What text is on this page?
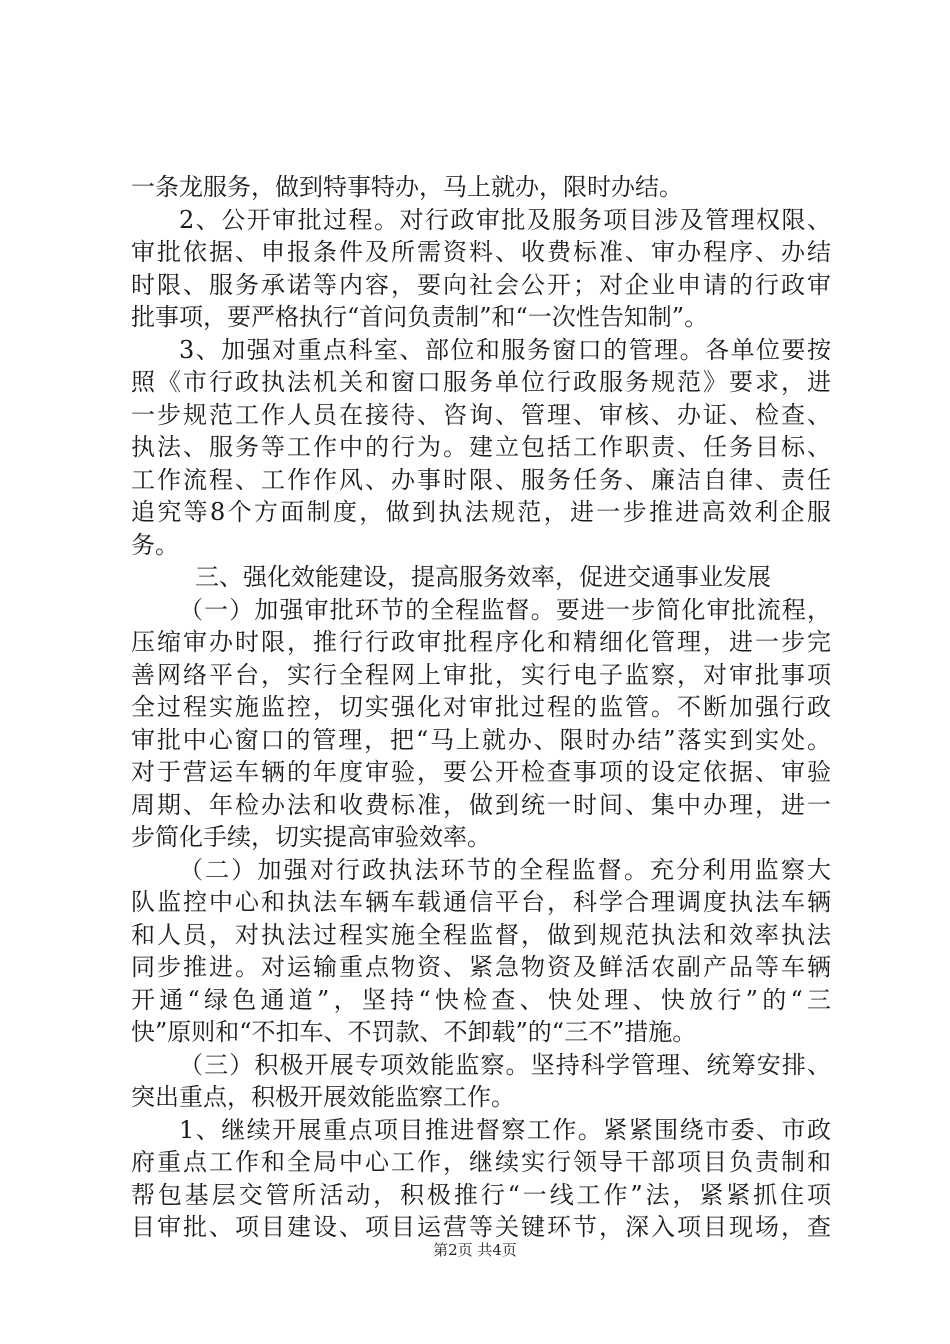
一条龙服务，做到特事特办，马上就办，限时办结。
2、公开审批过程。对行政审批及服务项目涉及管理权限、
审批依据、申报条件及所需资料、收费标准、审办程序、办结
时限、服务承诺等内容，要向社会公开；对企业申请的行政审
批事项，要严格执行“首问负责制”和“一次性告知制”。
3、加强对重点科室、部位和服务窗口的管理。各单位要按
照《市行政执法机关和窗口服务单位行政服务规范》要求，进
一步规范工作人员在接待、咨询、管理、审核、办证、检查、
执法、服务等工作中的行为。建立包括工作职责、任务目标、
工作流程、工作作风、办事时限、服务任务、廉洁自律、责任
追究等8个方面制度，做到执法规范，进一步推进高效利企服
务。
三、强化效能建设，提高服务效率，促进交通事业发展
（一）加强审批环节的全程监督。要进一步简化审批流程，
压缩审办时限，推行行政审批程序化和精细化管理，进一步完
善网络平台，实行全程网上审批，实行电子监察，对审批事项
全过程实施监控，切实强化对审批过程的监管。不断加强行政
审批中心窗口的管理，把“马上就办、限时办结”落实到实处。
对于营运车辆的年度审验，要公开检查事项的设定依据、审验
周期、年检办法和收费标准，做到统一时间、集中办理，进一
步简化手续，切实提高审验效率。
（二）加强对行政执法环节的全程监督。充分利用监察大
队监控中心和执法车辆车载通信平台，科学合理调度执法车辆
和人员，对执法过程实施全程监督，做到规范执法和效率执法
同步推进。对运输重点物资、紧急物资及鲜活农副产品等车辆
开通“绿色通道”，坚持“快检查、快处理、快放行”的“三
快”原则和“不扣车、不罚款、不卸载”的“三不”措施。
（三）积极开展专项效能监察。坚持科学管理、统筹安排、
突出重点，积极开展效能监察工作。
1、继续开展重点项目推进督察工作。紧紧围绕市委、市政
府重点工作和全局中心工作，继续实行领导干部项目负责制和
帮包基层交管所活动，积极推行“一线工作”法，紧紧抓住项
目审批、项目建设、项目运营等关键环节，深入项目现场，查
第2页 共4页
